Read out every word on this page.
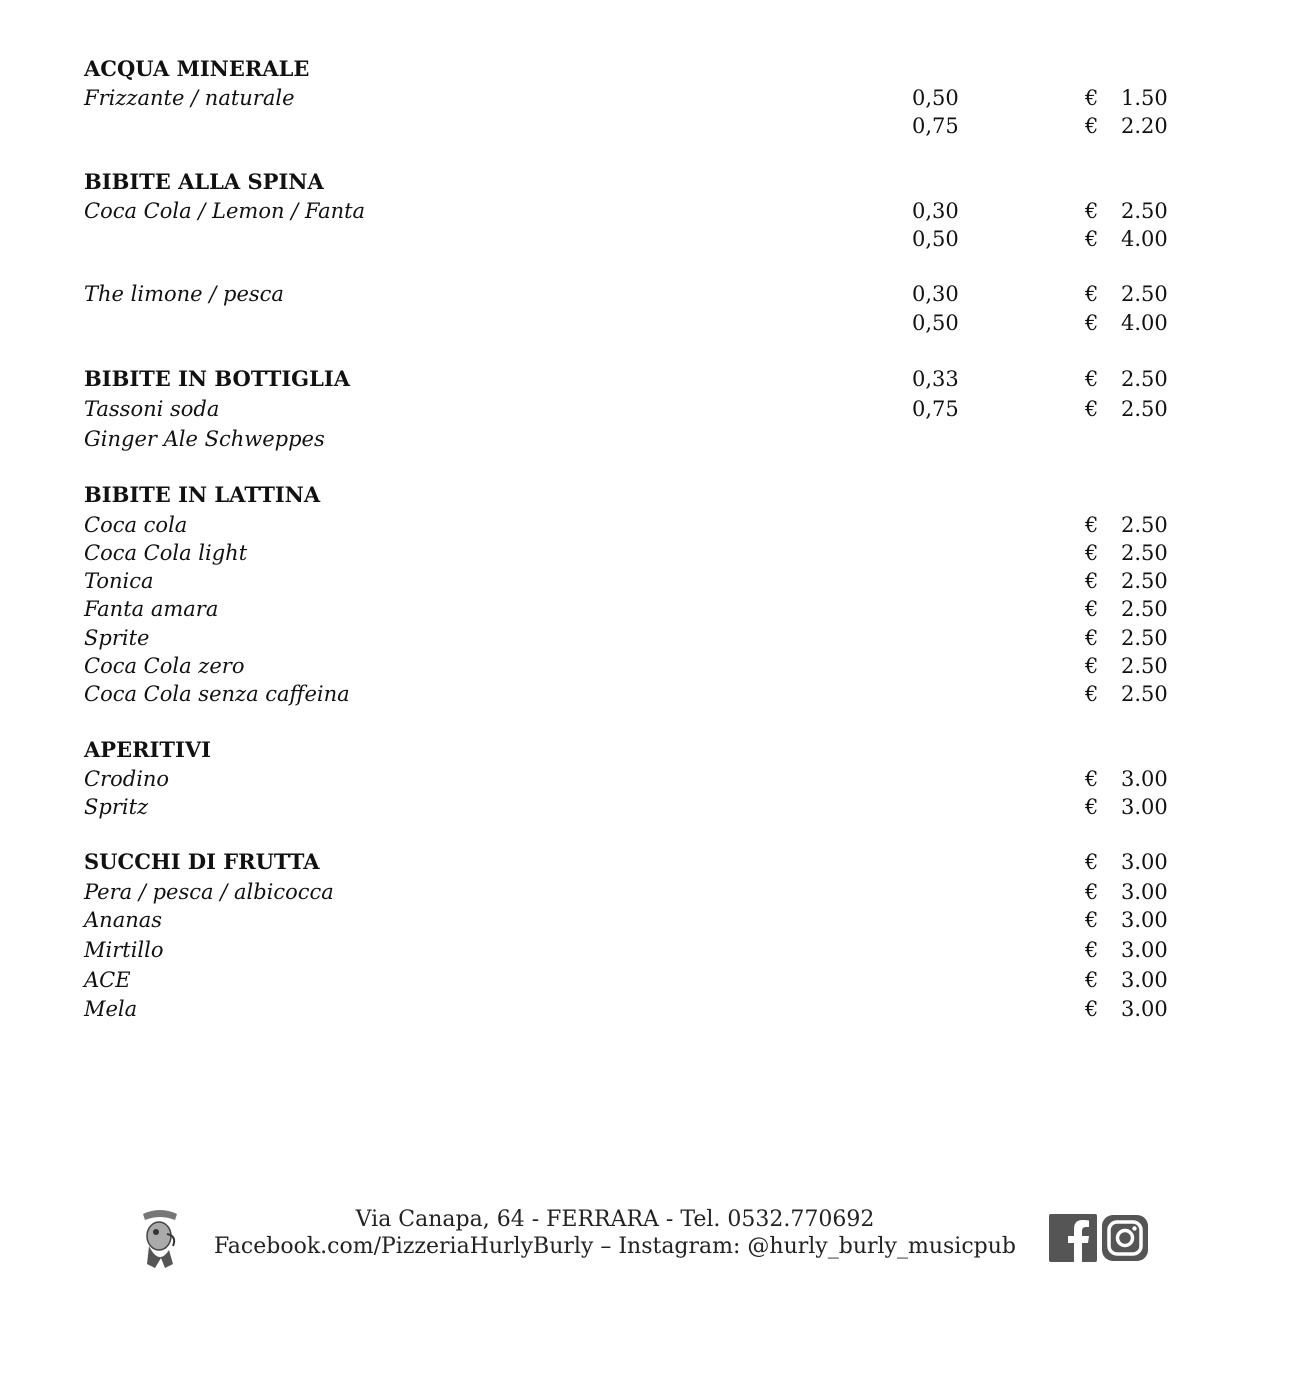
ACQUA MINERALE
Frizzante / naturale	0,50	€ 1.50
0,75	€ 2.20
BIBITE ALLA SPINA
Coca Cola / Lemon / Fanta	0,30	€ 2.50
0,50	€ 4.00
The limone / pesca	0,30	€ 2.50
0,50	€ 4.00
BIBITE IN BOTTIGLIA	0,33	€ 2.50
Tassoni soda	0,75	€ 2.50
Ginger Ale Schweppes
BIBITE IN LATTINA
Coca cola	€ 2.50
Coca Cola light	€ 2.50
Tonica	€ 2.50
Fanta amara	€ 2.50
Sprite	€ 2.50
Coca Cola zero	€ 2.50
Coca Cola senza caffeina	€ 2.50
APERITIVI
Crodino	€ 3.00
Spritz	€ 3.00
SUCCHI DI FRUTTA	€ 3.00
Pera / pesca / albicocca	€ 3.00
Ananas	€ 3.00
Mirtillo	€ 3.00
ACE	€ 3.00
Mela	€ 3.00
Via Canapa, 64 - FERRARA - Tel. 0532.770692
Facebook.com/PizzeriaHurlyBurly – Instagram: @hurly_burly_musicpub
